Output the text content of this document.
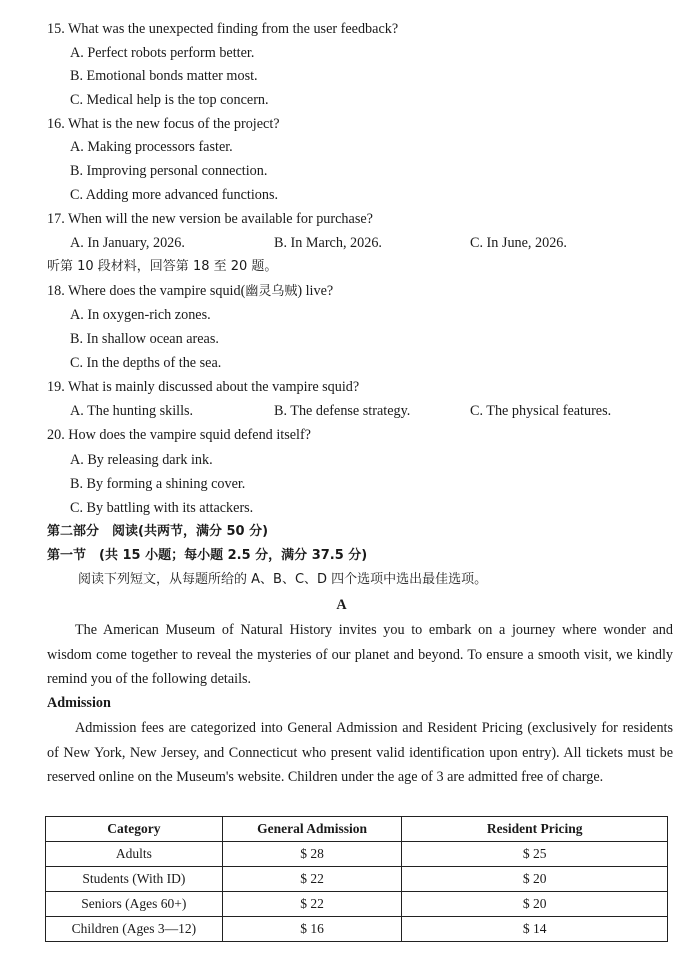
15. What was the unexpected finding from the user feedback?
A. Perfect robots perform better.
B. Emotional bonds matter most.
C. Medical help is the top concern.
16. What is the new focus of the project?
A. Making processors faster.
B. Improving personal connection.
C. Adding more advanced functions.
17. When will the new version be available for purchase?
A. In January, 2026.	B. In March, 2026.	C. In June, 2026.
听第 10 段材料，回答第 18 至 20 题。
18. Where does the vampire squid(幽灵乌贼) live?
A. In oxygen-rich zones.
B. In shallow ocean areas.
C. In the depths of the sea.
19. What is mainly discussed about the vampire squid?
A. The hunting skills.	B. The defense strategy.	C. The physical features.
20. How does the vampire squid defend itself?
A. By releasing dark ink.
B. By forming a shining cover.
C. By battling with its attackers.
第二部分　阅读(共两节，满分 50 分)
第一节　(共 15 小题；每小题 2.5 分，满分 37.5 分)
阅读下列短文，从每题所给的 A、B、C、D 四个选项中选出最佳选项。
A
The American Museum of Natural History invites you to embark on a journey where wonder and wisdom come together to reveal the mysteries of our planet and beyond. To ensure a smooth visit, we kindly remind you of the following details.
Admission
Admission fees are categorized into General Admission and Resident Pricing (exclusively for residents of New York, New Jersey, and Connecticut who present valid identification upon entry). All tickets must be reserved online on the Museum's website. Children under the age of 3 are admitted free of charge.
Category	General Admission	Resident Pricing
Adults	$ 28	$ 25
Students (With ID)	$ 22	$ 20
Seniors (Ages 60+)	$ 22	$ 20
Children (Ages 3—12)	$ 16	$ 14
